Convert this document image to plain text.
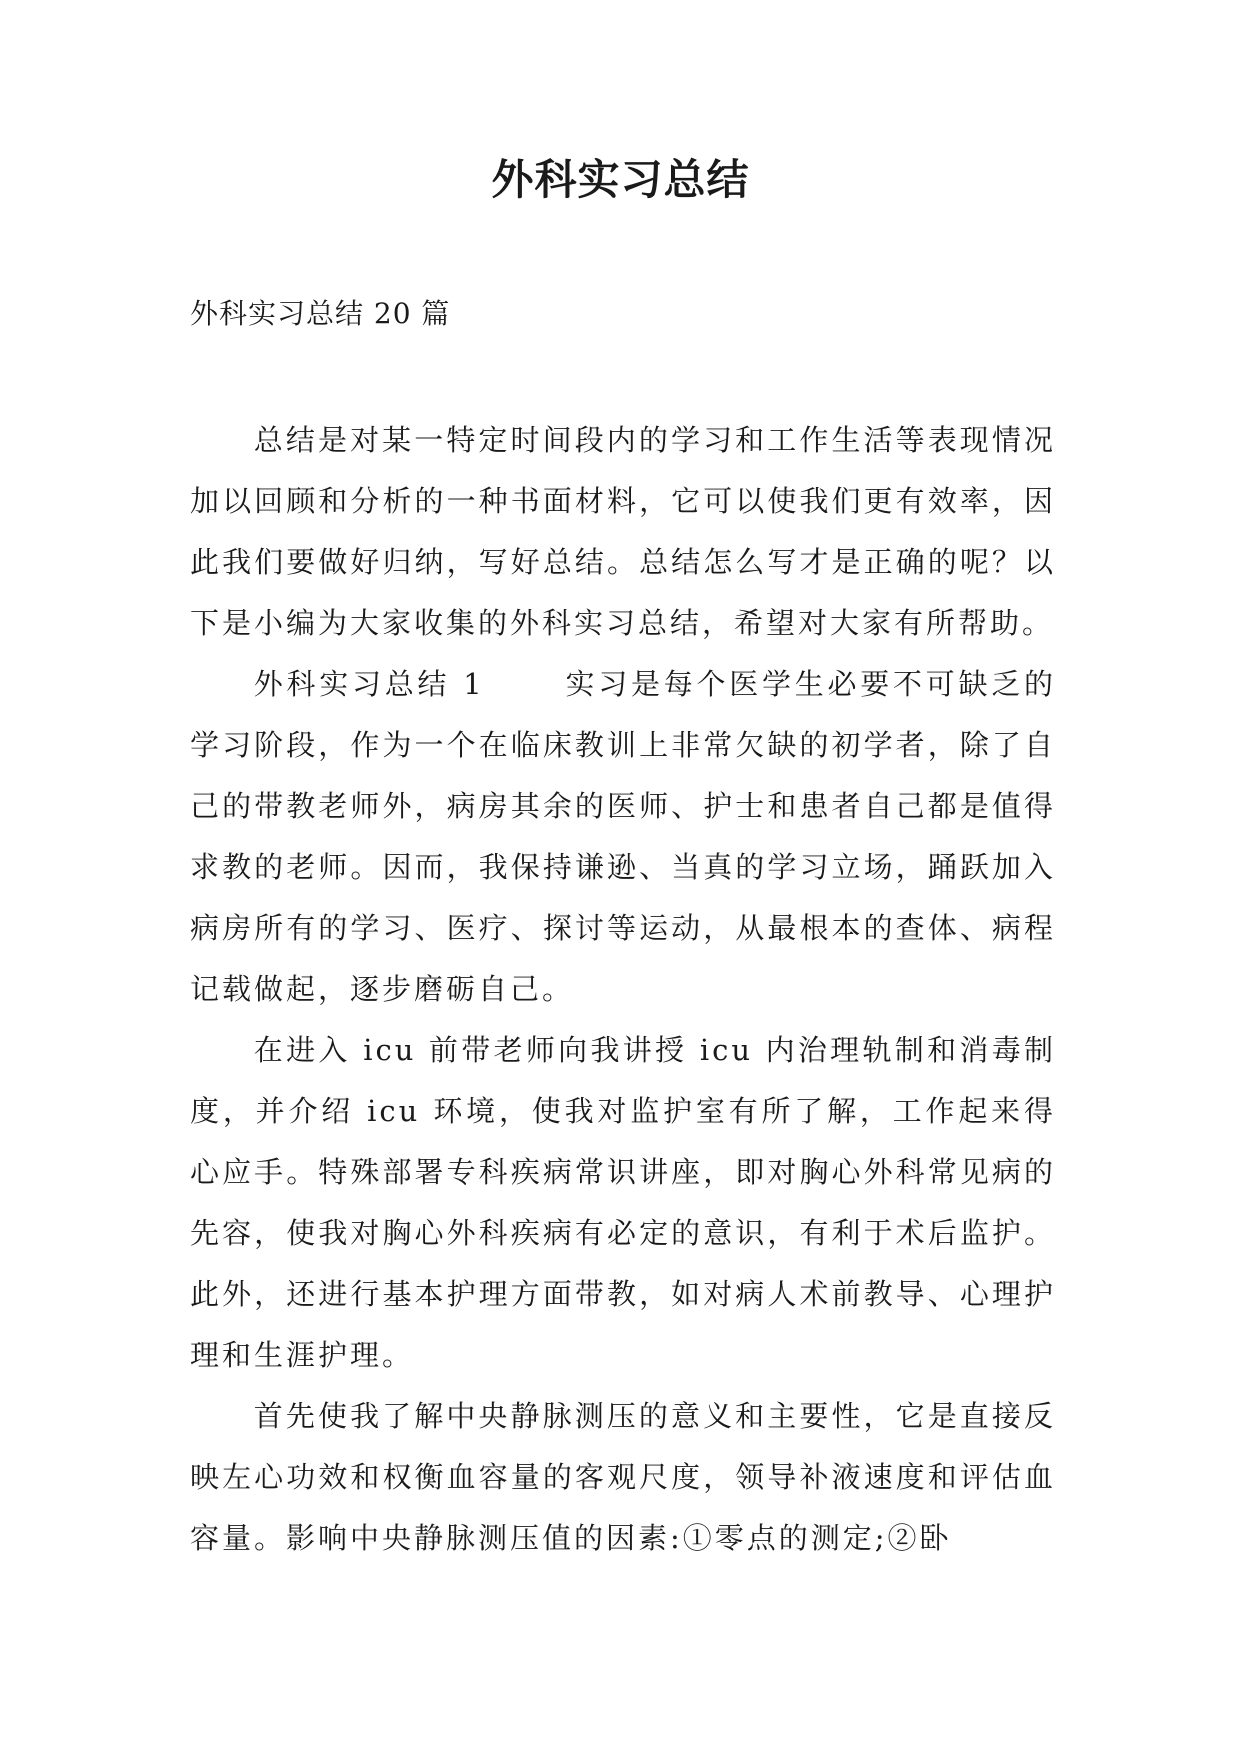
外科实习总结

外科实习总结 20 篇

总结是对某一特定时间段内的学习和工作生活等表现情况加以回顾和分析的一种书面材料，它可以使我们更有效率，因此我们要做好归纳，写好总结。总结怎么写才是正确的呢？以下是小编为大家收集的外科实习总结，希望对大家有所帮助。

外科实习总结 1	实习是每个医学生必要不可缺乏的学习阶段，作为一个在临床教训上非常欠缺的初学者，除了自己的带教老师外，病房其余的医师、护士和患者自己都是值得求教的老师。因而，我保持谦逊、当真的学习立场，踊跃加入病房所有的学习、医疗、探讨等运动，从最根本的查体、病程记载做起，逐步磨砺自己。

在进入 icu 前带老师向我讲授 icu 内治理轨制和消毒制度，并介绍 icu 环境，使我对监护室有所了解，工作起来得心应手。特殊部署专科疾病常识讲座，即对胸心外科常见病的先容，使我对胸心外科疾病有必定的意识，有利于术后监护。此外，还进行基本护理方面带教，如对病人术前教导、心理护理和生涯护理。

首先使我了解中央静脉测压的意义和主要性，它是直接反映左心功效和权衡血容量的客观尺度，领导补液速度和评估血容量。影响中央静脉测压值的因素:①零点的测定;②卧
